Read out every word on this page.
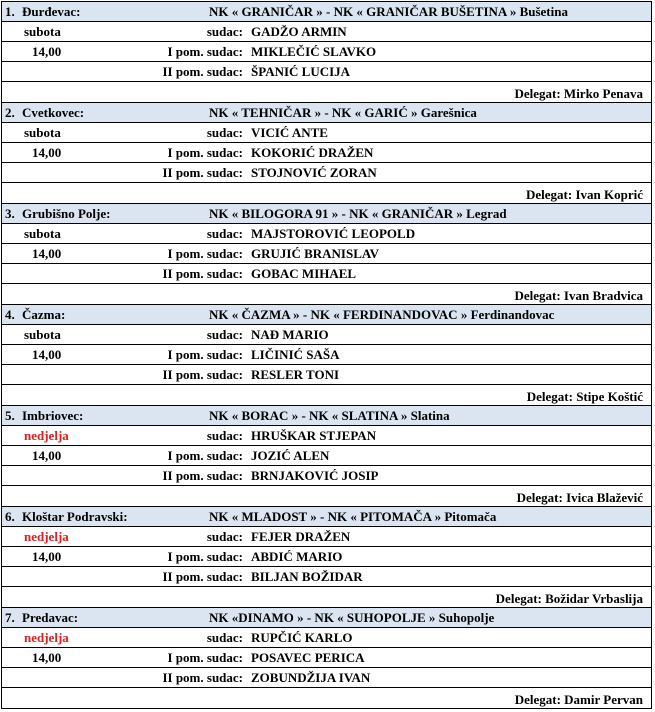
1. Đurđevac:	NK « GRANIČAR » - NK « GRANIČAR BUŠETINA » Bušetina
subota	sudac: GADŽO ARMIN
14,00	I pom. sudac: MIKLEČIĆ SLAVKO
II pom. sudac: ŠPANIĆ LUCIJA
Delegat: Mirko Penava
2. Cvetkovec:	NK « TEHNIČAR » - NK « GARIĆ » Garešnica
subota	sudac: VICIĆ ANTE
14,00	I pom. sudac: KOKORIĆ DRAŽEN
II pom. sudac: STOJNOVIĆ ZORAN
Delegat: Ivan Koprić
3. Grubišno Polje:	NK « BILOGORA 91 » - NK « GRANIČAR » Legrad
subota	sudac: MAJSTOROVIĆ LEOPOLD
14,00	I pom. sudac: GRUJIĆ BRANISLAV
II pom. sudac: GOBAC MIHAEL
Delegat: Ivan Bradvica
4. Čazma:	NK « ČAZMA » - NK « FERDINANDOVAC » Ferdinandovac
subota	sudac: NAĐ MARIO
14,00	I pom. sudac: LIČINIĆ SAŠA
II pom. sudac: RESLER TONI
Delegat: Stipe Koštić
5. Imbriovec:	NK « BORAC » - NK « SLATINA » Slatina
nedjelja	sudac: HRUŠKAR STJEPAN
14,00	I pom. sudac: JOZIĆ ALEN
II pom. sudac: BRNJAKOVIĆ JOSIP
Delegat: Ivica Blažević
6. Kloštar Podravski:	NK « MLADOST » - NK « PITOMAČA » Pitomača
nedjelja	sudac: FEJER DRAŽEN
14,00	I pom. sudac: ABDIĆ MARIO
II pom. sudac: BILJAN BOŽIDAR
Delegat: Božidar Vrbaslija
7. Predavac:	NK «DINAMO » - NK « SUHOPOLJE » Suhopolje
nedjelja	sudac: RUPČIĆ KARLO
14,00	I pom. sudac: POSAVEC PERICA
II pom. sudac: ZOBUNDŽIJA IVAN
Delegat: Damir Pervan
